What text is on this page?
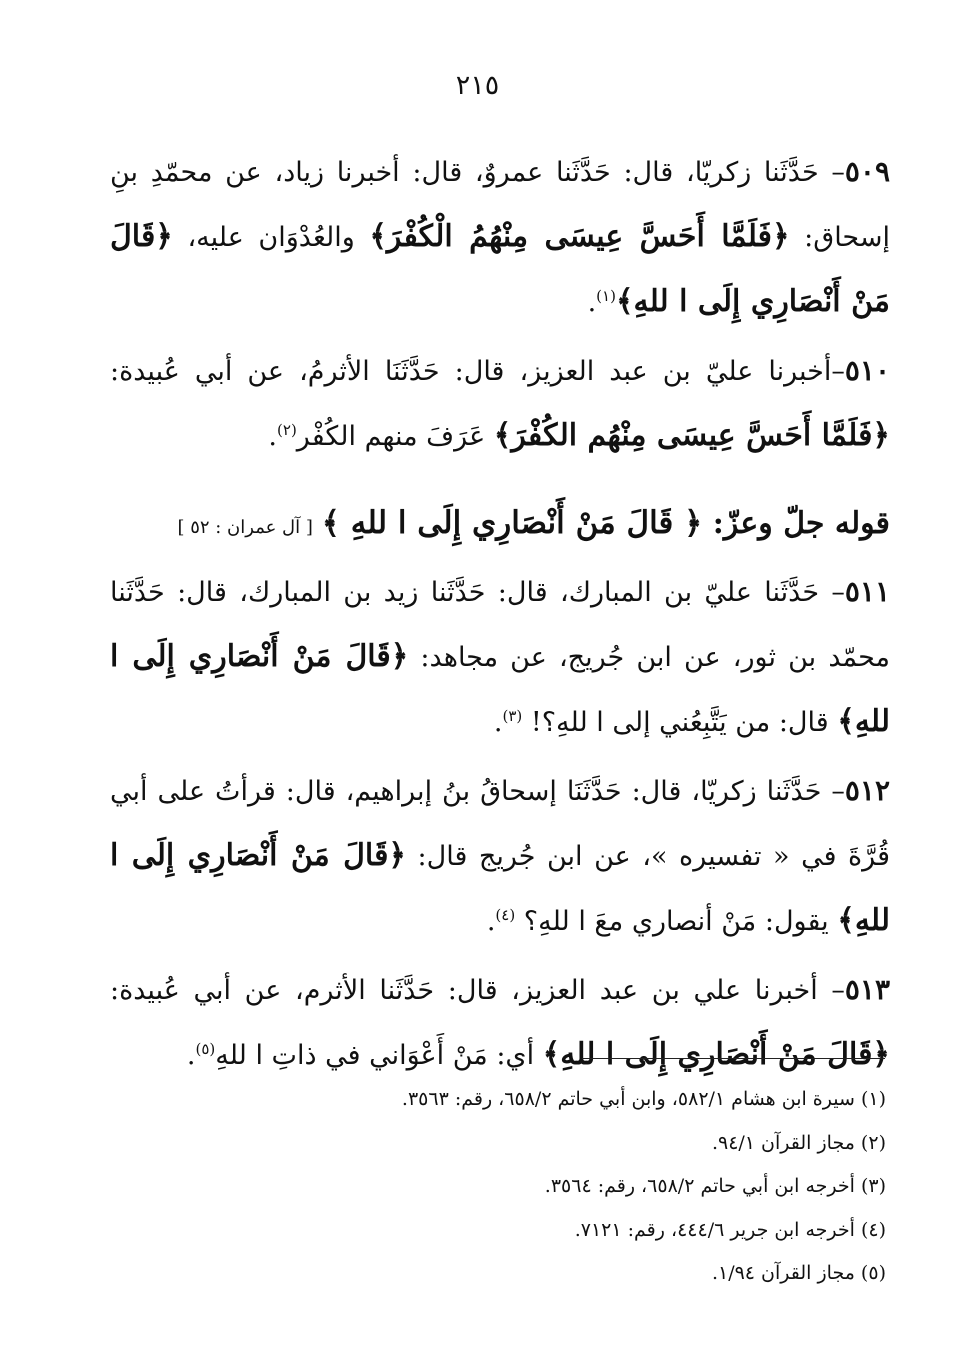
٢١٥

٥٠٩– حَدَّثَنا زكريّا، قال: حَدَّثَنا عمروٌ، قال: أخبرنا زياد، عن محمّدِ بنِ إسحاق: ﴿فَلَمَّا أَحَسَّ عِيسَى مِنْهُمُ الْكُفْرَ﴾ والعُدْوَان عليه، ﴿قَالَ مَنْ أَنْصَارِي إِلَى ا للهِ﴾$^{(١)}$.

٥١٠–أخبرنا عليّ بن عبد العزيز، قال: حَدَّثَنَا الأثرمُ، عن أبي عُبيدة: ﴿فَلَمَّا أَحَسَّ عِيسَى مِنْهُم الكُفْرَ﴾ عَرَفَ منهم الكُفْر$^{(٢)}$.

قوله جلّ وعزّ: ﴿ قَالَ مَنْ أَنْصَارِي إِلَى ا للهِ ﴾ [ آل عمران : ٥٢ ]

٥١١– حَدَّثَنا عليّ بن المبارك، قال: حَدَّثَنا زيد بن المبارك، قال: حَدَّثَنا محمّد بن ثور، عن ابن جُريج، عن مجاهد: ﴿قَالَ مَنْ أَنْصَارِي إِلَى ا للهِ﴾ قال: من يَتَّبِعُني إلى ا للهِ؟! $^{(٣)}$.

٥١٢– حَدَّثَنا زكريّا، قال: حَدَّثَنَا إسحاقُ بنُ إبراهيم، قال: قرأتُ على أبي قُرَّةَ في « تفسيره »، عن ابن جُريج قال: ﴿قَالَ مَنْ أَنْصَارِي إِلَى ا للهِ﴾ يقول: مَنْ أنصاري معَ ا للهِ؟ $^{(٤)}$.

٥١٣– أخبرنا علي بن عبد العزيز، قال: حَدَّثَنا الأثرم، عن أبي عُبيدة: ﴿قَالَ مَنْ أَنْصَارِي إِلَى ا للهِ﴾ أي: مَنْ أَعْوَاني في ذاتِ ا للهِ$^{(٥)}$.

(١) سيرة ابن هشام ٥٨٢/١، وابن أبي حاتم ٦٥٨/٢، رقم: ٣٥٦٣.

(٢) مجاز القرآن ٩٤/١.

(٣) أخرجه ابن أبي حاتم ٦٥٨/٢، رقم: ٣٥٦٤.

(٤) أخرجه ابن جرير ٤٤٤/٦، رقم: ٧١٢١.

(٥) مجاز القرآن ١/٩٤.
